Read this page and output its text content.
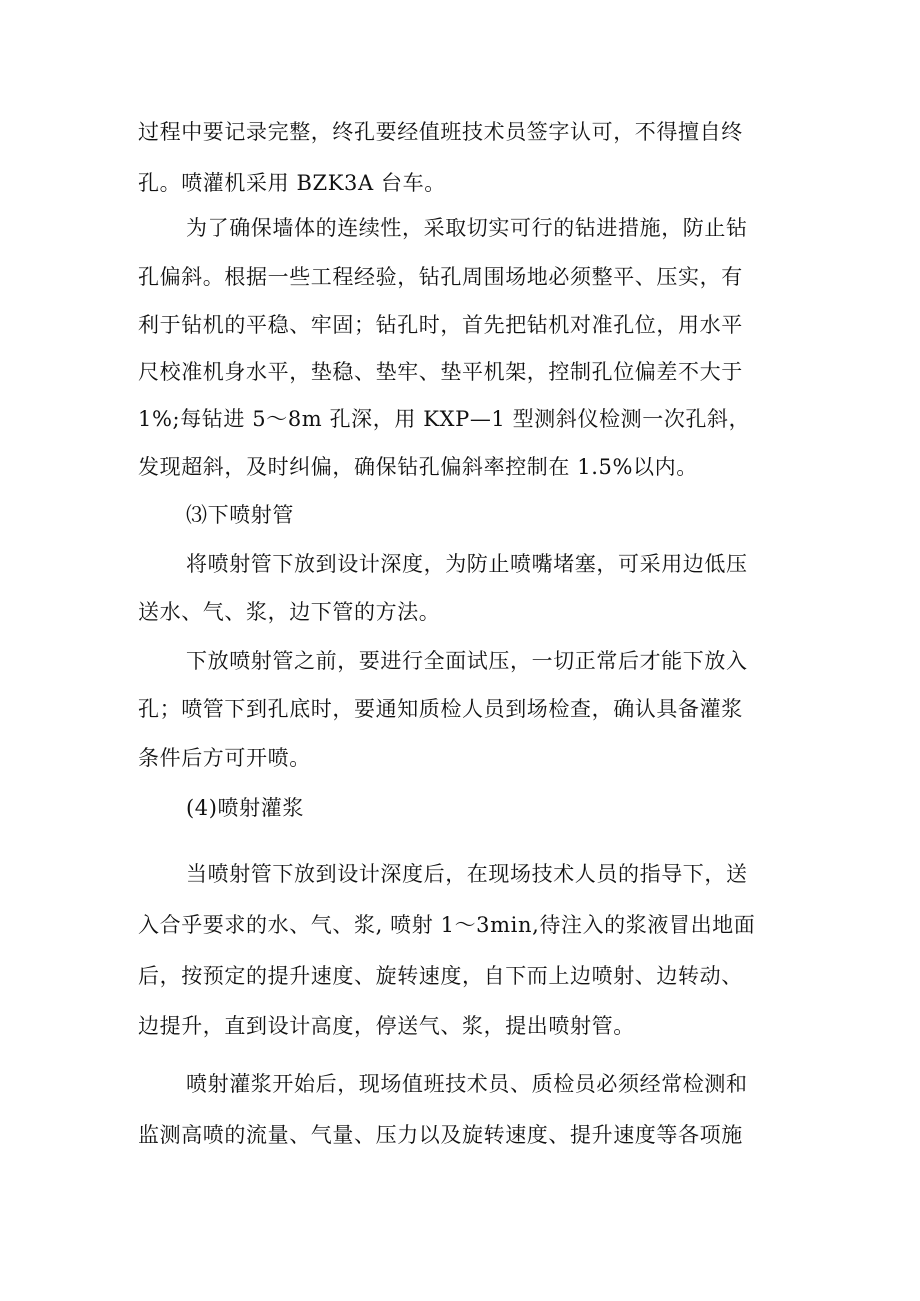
过程中要记录完整，终孔要经值班技术员签字认可，不得擅自终
孔。喷灌机采用 BZK3A 台车。
为了确保墙体的连续性，采取切实可行的钻进措施，防止钻
孔偏斜。根据一些工程经验，钻孔周围场地必须整平、压实，有
利于钻机的平稳、牢固；钻孔时，首先把钻机对准孔位，用水平
尺校准机身水平，垫稳、垫牢、垫平机架，控制孔位偏差不大于
1%;每钻进 5～8m 孔深，用 KXP—1 型测斜仪检测一次孔斜，
发现超斜，及时纠偏，确保钻孔偏斜率控制在 1.5%以内。
⑶下喷射管
将喷射管下放到设计深度，为防止喷嘴堵塞，可采用边低压
送水、气、浆，边下管的方法。
下放喷射管之前，要进行全面试压，一切正常后才能下放入
孔；喷管下到孔底时，要通知质检人员到场检查，确认具备灌浆
条件后方可开喷。
(4)喷射灌浆
当喷射管下放到设计深度后，在现场技术人员的指导下，送
入合乎要求的水、气、浆, 喷射 1～3min,待注入的浆液冒出地面
后，按预定的提升速度、旋转速度，自下而上边喷射、边转动、
边提升，直到设计高度，停送气、浆，提出喷射管。
喷射灌浆开始后，现场值班技术员、质检员必须经常检测和
监测高喷的流量、气量、压力以及旋转速度、提升速度等各项施
